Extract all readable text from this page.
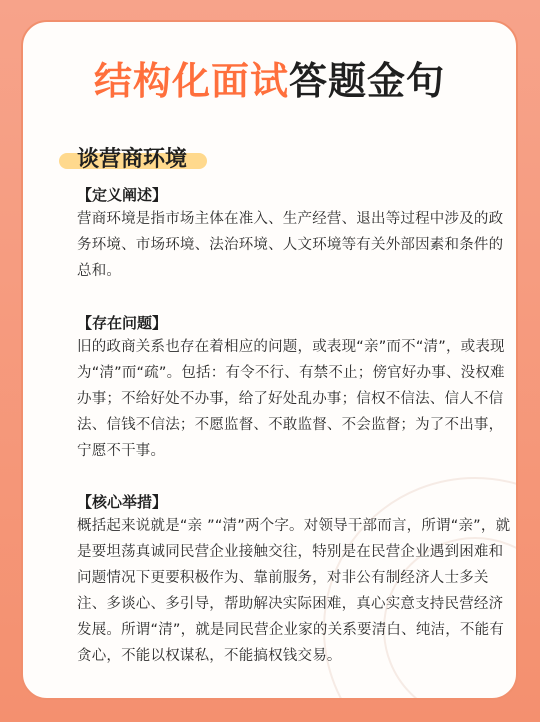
结构化面试答题金句
谈营商环境
【定义阐述】
营商环境是指市场主体在准入、生产经营、退出等过程中涉及的政务环境、市场环境、法治环境、人文环境等有关外部因素和条件的总和。
【存在问题】
旧的政商关系也存在着相应的问题，或表现“亲”而不“清”，或表现为“清”而“疏”。包括：有令不行、有禁不止；傍官好办事、没权难办事；不给好处不办事，给了好处乱办事；信权不信法、信人不信法、信钱不信法；不愿监督、不敢监督、不会监督；为了不出事，宁愿不干事。
【核心举措】
概括起来说就是“亲 ”“清”两个字。对领导干部而言，所谓“亲”，就是要坦荡真诚同民营企业接触交往，特别是在民营企业遇到困难和问题情况下更要积极作为、靠前服务，对非公有制经济人士多关注、多谈心、多引导，帮助解决实际困难，真心实意支持民营经济发展。所谓“清”，就是同民营企业家的关系要清白、纯洁，不能有贪心，不能以权谋私，不能搞权钱交易。
